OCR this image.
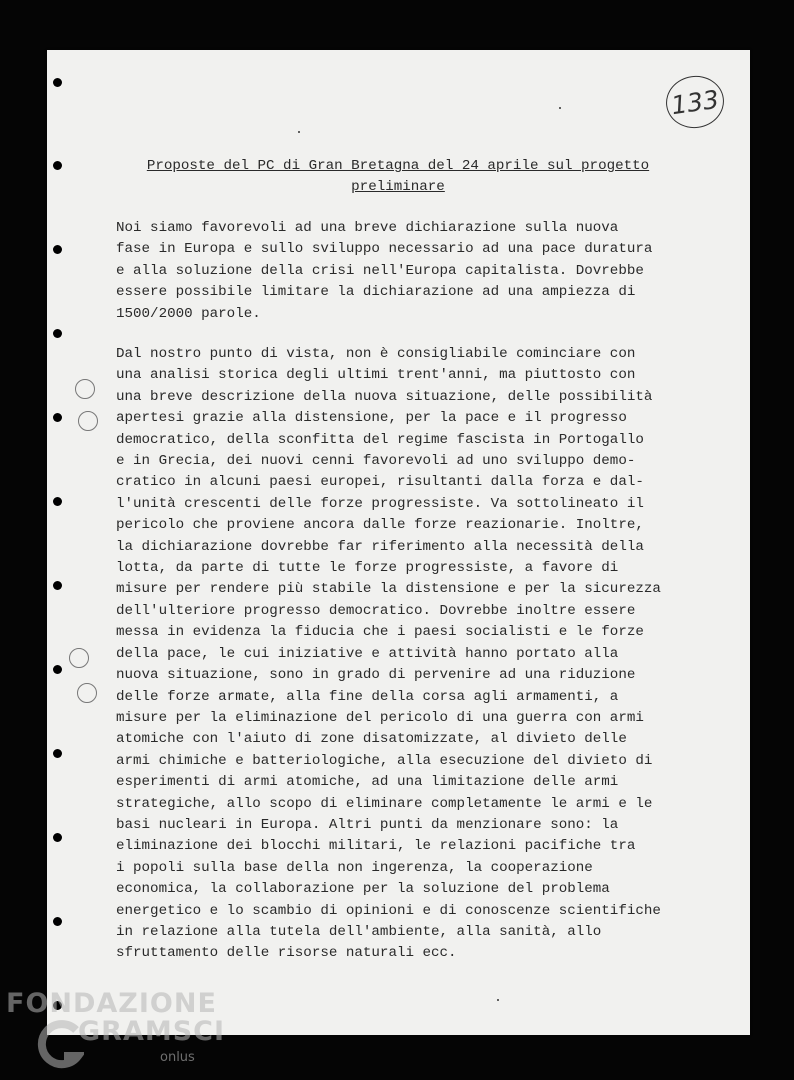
133
Proposte del PC di Gran Bretagna del 24 aprile sul progetto
preliminare
Noi siamo favorevoli ad una breve dichiarazione sulla nuova
fase in Europa e sullo sviluppo necessario ad una pace duratura
e alla soluzione della crisi nell'Europa capitalista. Dovrebbe
essere possibile limitare la dichiarazione ad una ampiezza di
1500/2000 parole.
Dal nostro punto di vista, non è consigliabile cominciare con
una analisi storica degli ultimi trent'anni, ma piuttosto con
una breve descrizione della nuova situazione, delle possibilità
apertesi grazie alla distensione, per la pace e il progresso
democratico, della sconfitta del regime fascista in Portogallo
e in Grecia, dei nuovi cenni favorevoli ad uno sviluppo demo-
cratico in alcuni paesi europei, risultanti dalla forza e dal-
l'unità crescenti delle forze progressiste. Va sottolineato il
pericolo che proviene ancora dalle forze reazionarie. Inoltre,
la dichiarazione dovrebbe far riferimento alla necessità della
lotta, da parte di tutte le forze progressiste, a favore di
misure per rendere più stabile la distensione e per la sicurezza
dell'ulteriore progresso democratico. Dovrebbe inoltre essere
messa in evidenza la fiducia che i paesi socialisti e le forze
della pace, le cui iniziative e attività hanno portato alla
nuova situazione, sono in grado di pervenire ad una riduzione
delle forze armate, alla fine della corsa agli armamenti, a
misure per la eliminazione del pericolo di una guerra con armi
atomiche con l'aiuto di zone disatomizzate, al divieto delle
armi chimiche e batteriologiche, alla esecuzione del divieto di
esperimenti di armi atomiche, ad una limitazione delle armi
strategiche, allo scopo di eliminare completamente le armi e le
basi nucleari in Europa. Altri punti da menzionare sono: la
eliminazione dei blocchi militari, le relazioni pacifiche tra
i popoli sulla base della non ingerenza, la cooperazione
economica, la collaborazione per la soluzione del problema
energetico e lo scambio di opinioni e di conoscenze scientifiche
in relazione alla tutela dell'ambiente, alla sanità, allo
sfruttamento delle risorse naturali ecc.
FONDAZIONE
GRAMSCI
onlus
